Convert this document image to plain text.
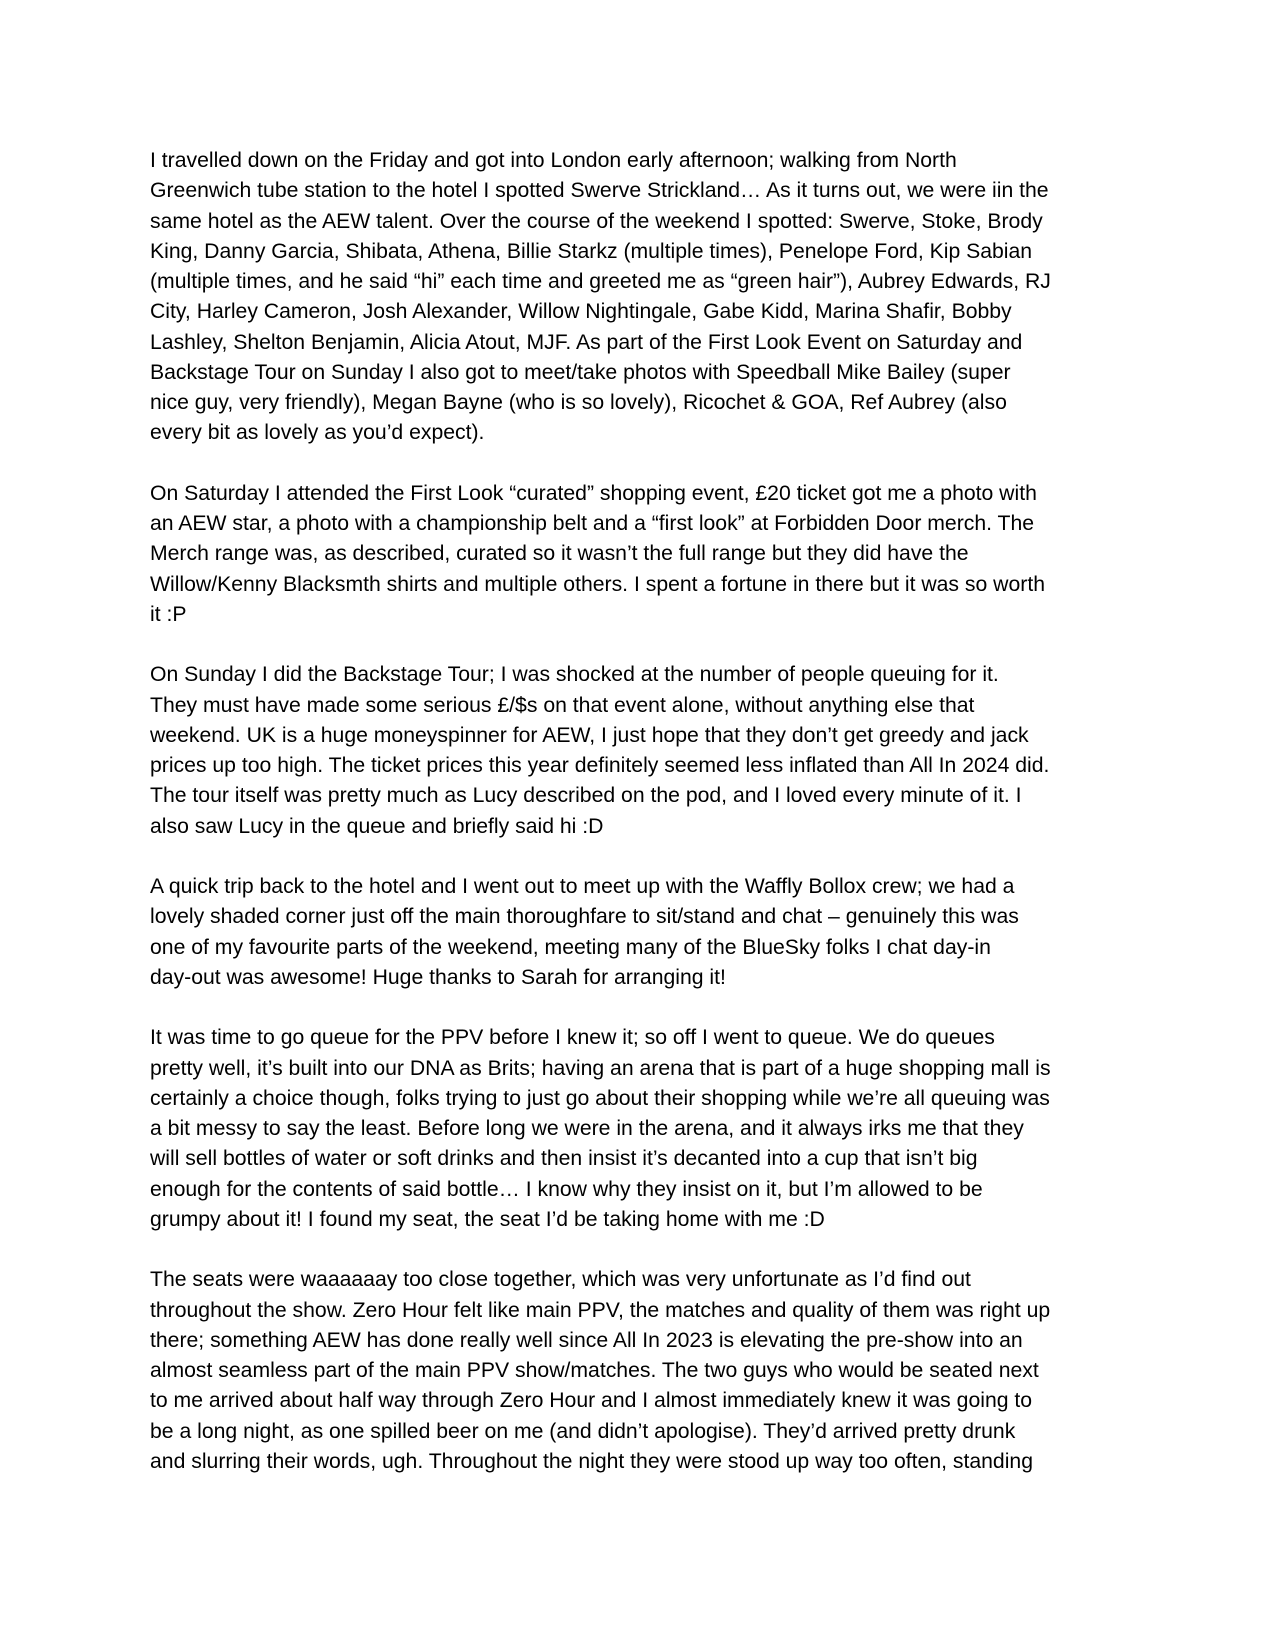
I travelled down on the Friday and got into London early afternoon; walking from North
Greenwich tube station to the hotel I spotted Swerve Strickland… As it turns out, we were iin the
same hotel as the AEW talent. Over the course of the weekend I spotted: Swerve, Stoke, Brody
King, Danny Garcia, Shibata, Athena, Billie Starkz (multiple times), Penelope Ford, Kip Sabian
(multiple times, and he said “hi” each time and greeted me as “green hair”), Aubrey Edwards, RJ
City, Harley Cameron, Josh Alexander, Willow Nightingale, Gabe Kidd, Marina Shafir, Bobby
Lashley, Shelton Benjamin, Alicia Atout, MJF. As part of the First Look Event on Saturday and
Backstage Tour on Sunday I also got to meet/take photos with Speedball Mike Bailey (super
nice guy, very friendly), Megan Bayne (who is so lovely), Ricochet & GOA, Ref Aubrey (also
every bit as lovely as you’d expect).

On Saturday I attended the First Look “curated” shopping event, £20 ticket got me a photo with
an AEW star, a photo with a championship belt and a “first look” at Forbidden Door merch. The
Merch range was, as described, curated so it wasn’t the full range but they did have the
Willow/Kenny Blacksmth shirts and multiple others. I spent a fortune in there but it was so worth
it :P

On Sunday I did the Backstage Tour; I was shocked at the number of people queuing for it.
They must have made some serious £/$s on that event alone, without anything else that
weekend. UK is a huge moneyspinner for AEW, I just hope that they don’t get greedy and jack
prices up too high. The ticket prices this year definitely seemed less inflated than All In 2024 did.
The tour itself was pretty much as Lucy described on the pod, and I loved every minute of it. I
also saw Lucy in the queue and briefly said hi :D

A quick trip back to the hotel and I went out to meet up with the Waffly Bollox crew; we had a
lovely shaded corner just off the main thoroughfare to sit/stand and chat – genuinely this was
one of my favourite parts of the weekend, meeting many of the BlueSky folks I chat day-in
day-out was awesome! Huge thanks to Sarah for arranging it!

It was time to go queue for the PPV before I knew it; so off I went to queue. We do queues
pretty well, it’s built into our DNA as Brits; having an arena that is part of a huge shopping mall is
certainly a choice though, folks trying to just go about their shopping while we’re all queuing was
a bit messy to say the least. Before long we were in the arena, and it always irks me that they
will sell bottles of water or soft drinks and then insist it’s decanted into a cup that isn’t big
enough for the contents of said bottle… I know why they insist on it, but I’m allowed to be
grumpy about it! I found my seat, the seat I’d be taking home with me :D

The seats were waaaaaay too close together, which was very unfortunate as I’d find out
throughout the show. Zero Hour felt like main PPV, the matches and quality of them was right up
there; something AEW has done really well since All In 2023 is elevating the pre-show into an
almost seamless part of the main PPV show/matches. The two guys who would be seated next
to me arrived about half way through Zero Hour and I almost immediately knew it was going to
be a long night, as one spilled beer on me (and didn’t apologise). They’d arrived pretty drunk
and slurring their words, ugh. Throughout the night they were stood up way too often, standing
